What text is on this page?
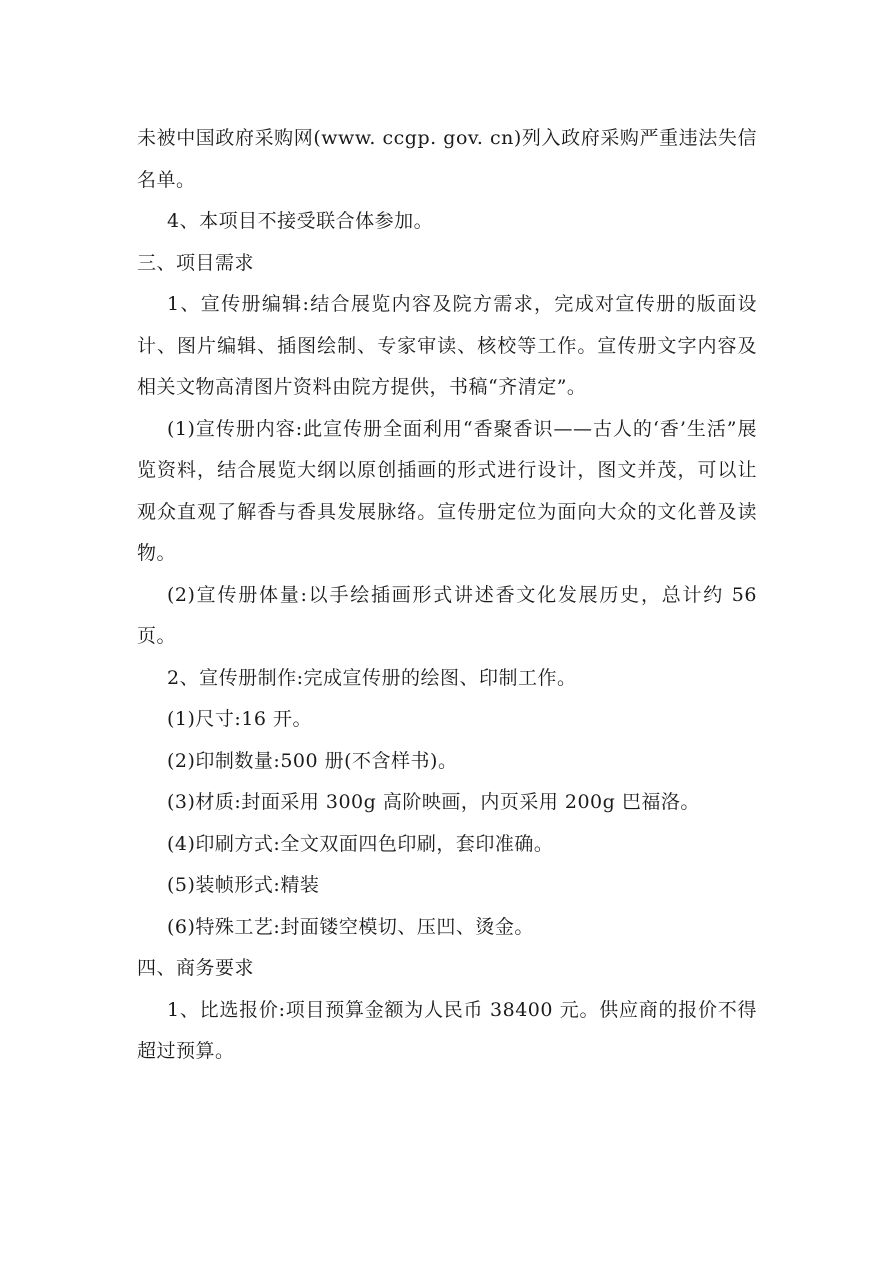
未被中国政府采购网(www. ccgp. gov. cn)列入政府采购严重违法失信名单。

4、本项目不接受联合体参加。

三、项目需求

1、宣传册编辑:结合展览内容及院方需求，完成对宣传册的版面设计、图片编辑、插图绘制、专家审读、核校等工作。宣传册文字内容及相关文物高清图片资料由院方提供，书稿“齐清定”。

(1)宣传册内容:此宣传册全面利用“香聚香识——古人的‘香’生活”展览资料，结合展览大纲以原创插画的形式进行设计，图文并茂，可以让观众直观了解香与香具发展脉络。宣传册定位为面向大众的文化普及读物。

(2)宣传册体量:以手绘插画形式讲述香文化发展历史，总计约 56 页。

2、宣传册制作:完成宣传册的绘图、印制工作。

(1)尺寸:16 开。

(2)印制数量:500 册(不含样书)。

(3)材质:封面采用 300g 高阶映画，内页采用 200g 巴福洛。

(4)印刷方式:全文双面四色印刷，套印准确。

(5)装帧形式:精装

(6)特殊工艺:封面镂空模切、压凹、烫金。

四、商务要求

1、比选报价:项目预算金额为人民币 38400 元。供应商的报价不得超过预算。
